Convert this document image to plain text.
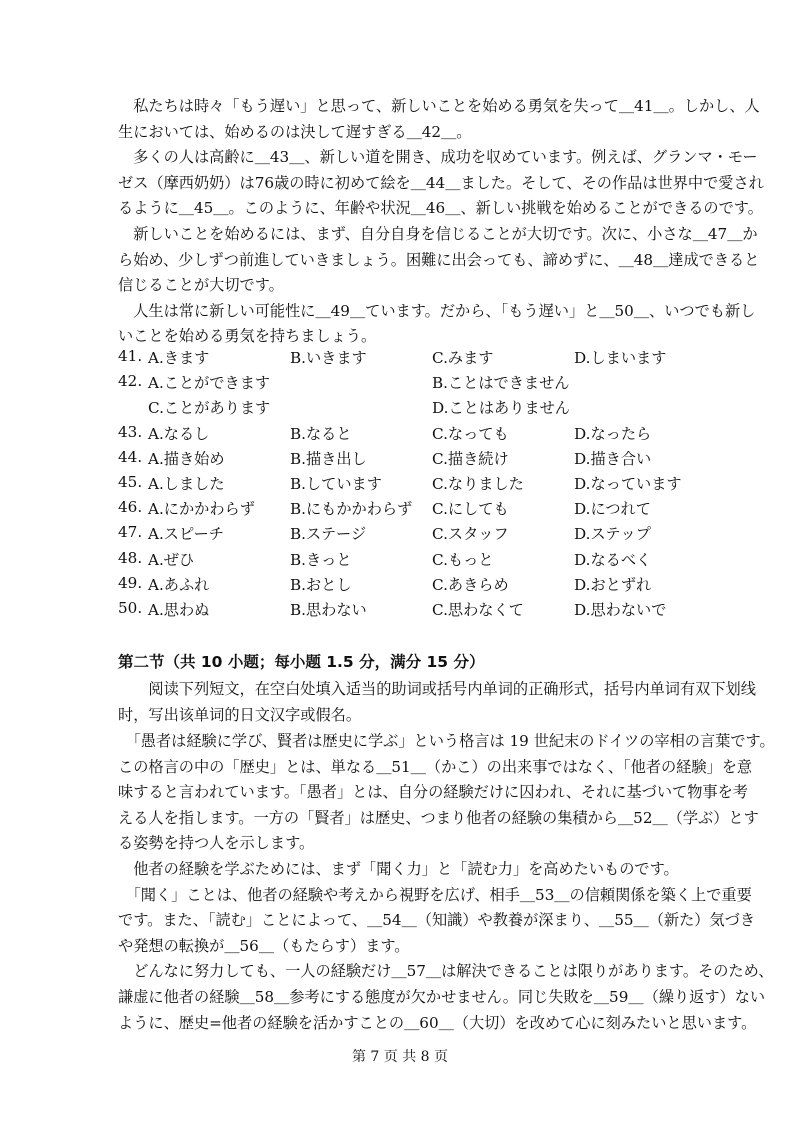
　私たちは時々「もう遅い」と思って、新しいことを始める勇気を失って＿41＿。しかし、人
生においては、始めるのは決して遅すぎる＿42＿。
　多くの人は高齢に＿43＿、新しい道を開き、成功を収めています。例えば、グランマ・モー
ゼス（摩西奶奶）は76歳の時に初めて絵を＿44＿ました。そして、その作品は世界中で愛され
るように＿45＿。このように、年齢や状況＿46＿、新しい挑戦を始めることができるのです。
　新しいことを始めるには、まず、自分自身を信じることが大切です。次に、小さな＿47＿か
ら始め、少しずつ前進していきましょう。困難に出会っても、諦めずに、＿48＿達成できると
信じることが大切です。
　人生は常に新しい可能性に＿49＿ています。だから、「もう遅い」と＿50＿、いつでも新し
いことを始める勇気を持ちましょう。
41. A.きます	B.いきます	C.みます	D.しまいます
42. A.ことができます	B.ことはできません
C.ことがあります	D.ことはありません
43. A.なるし	B.なると	C.なっても	D.なったら
44. A.描き始め	B.描き出し	C.描き続け	D.描き合い
45. A.しました	B.しています	C.なりました	D.なっています
46. A.にかかわらず B.にもかかわらず C.にしても	D.につれて
47. A.スピーチ	B.ステージ	C.スタッフ	D.ステップ
48. A.ぜひ	B.きっと	C.もっと	D.なるべく
49. A.あふれ	B.おとし	C.あきらめ	D.おとずれ
50. A.思わぬ	B.思わない	C.思わなくて	D.思わないで
第二节（共 10 小题；每小题 1.5 分，满分 15 分）
　　阅读下列短文，在空白处填入适当的助词或括号内单词的正确形式，括号内单词有双下划线
时，写出该单词的日文汉字或假名。
　「愚者は経験に学び、賢者は歴史に学ぶ」という格言は 19 世紀末のドイツの宰相の言葉です。
この格言の中の「歴史」とは、単なる＿51＿（かこ）の出来事ではなく、「他者の経験」を意
味すると言われています。「愚者」とは、自分の経験だけに囚われ、それに基づいて物事を考
える人を指します。一方の「賢者」は歴史、つまり他者の経験の集積から＿52＿（学ぶ）とす
る姿勢を持つ人を示します。
　他者の経験を学ぶためには、まず「聞く力」と「読む力」を高めたいものです。
　「聞く」ことは、他者の経験や考えから視野を広げ、相手＿53＿の信頼関係を築く上で重要
です。また、「読む」ことによって、＿54＿（知識）や教養が深まり、＿55＿（新た）気づき
や発想の転換が＿56＿（もたらす）ます。
　どんなに努力しても、一人の経験だけ＿57＿は解決できることは限りがあります。そのため、
謙虚に他者の経験＿58＿参考にする態度が欠かせません。同じ失敗を＿59＿（繰り返す）ない
ように、歴史=他者の経験を活かすことの＿60＿（大切）を改めて心に刻みたいと思います。
第 7 页 共 8 页
